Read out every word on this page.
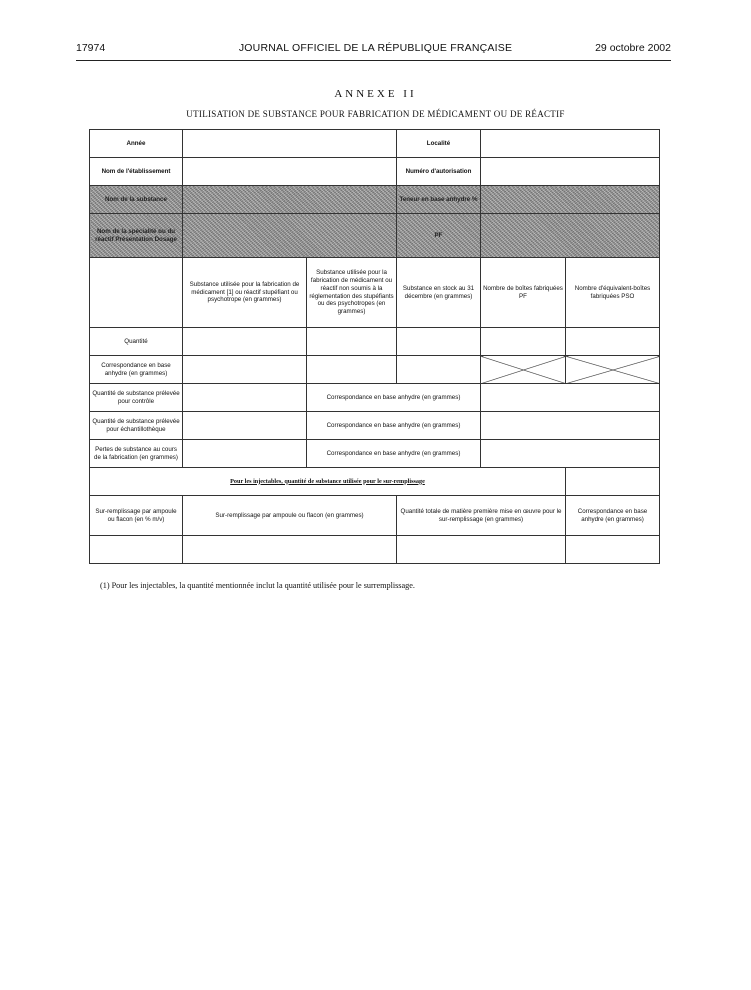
17974	JOURNAL OFFICIEL DE LA RÉPUBLIQUE FRANÇAISE	29 octobre 2002
ANNEXE II
UTILISATION DE SUBSTANCE POUR FABRICATION DE MÉDICAMENT OU DE RÉACTIF
Année			Localité		
Nom de l'établissement			Numéro d'autorisation		
Nom de la substance			Teneur en base anhydre %		
Nom de la spécialité ou du réactif Présentation Dosage			PF		
	Substance utilisée pour la fabrication de médicament [1] ou réactif stupéfiant ou psychotrope (en grammes)	Substance utilisée pour la fabrication de médicament ou réactif non soumis à la réglementation des stupéfiants ou des psychotropes (en grammes)	Substance en stock au 31 décembre (en grammes)	Nombre de boîtes fabriquées PF	Nombre d'équivalent-boîtes fabriquées PSO
Quantité					
Correspondance en base anhydre (en grammes)					
Quantité de substance prélevée pour contrôle		Correspondance en base anhydre (en grammes)			
Quantité de substance prélevée pour échantillothèque		Correspondance en base anhydre (en grammes)			
Pertes de substance au cours de la fabrication (en grammes)		Correspondance en base anhydre (en grammes)			
Pour les injectables, quantité de substance utilisée pour le sur-remplissage					
Sur-remplissage par ampoule ou flacon (en % m/v)	Sur-remplissage par ampoule ou flacon (en grammes)		Quantité totale de matière première mise en œuvre pour le sur-remplissage (en grammes)		Correspondance en base anhydre (en grammes)

(1) Pour les injectables, la quantité mentionnée inclut la quantité utilisée pour le surremplissage.
